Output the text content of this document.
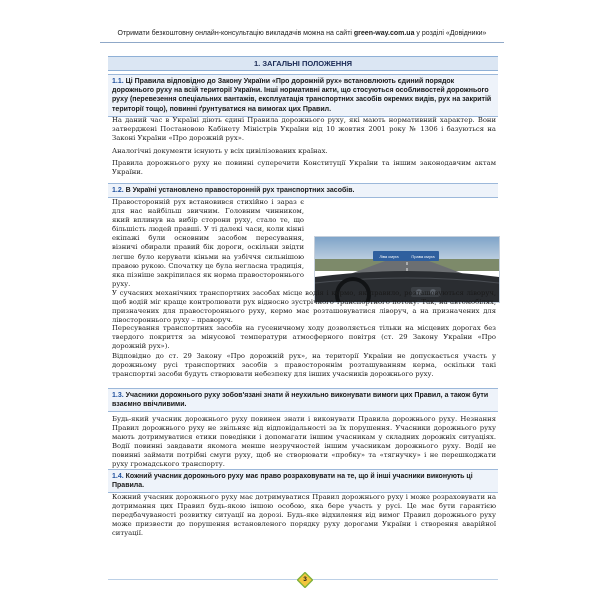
Отримати безкоштовну онлайн-консультацію викладачів можна на сайті green-way.com.ua у розділі «Довідники»
1. ЗАГАЛЬНІ ПОЛОЖЕННЯ
1.1. Ці Правила відповідно до Закону України «Про дорожній рух» встановлюють єдиний порядок дорожнього руху на всій території України. Інші нормативні акти, що стосуються особливостей дорожнього руху (перевезення спеціальних вантажів, експлуатація транспортних засобів окремих видів, рух на закритій території тощо), повинні ґрунтуватися на вимогах цих Правил.
На даний час в Україні діють єдині Правила дорожнього руху, які мають нормативний характер. Вони затверджені Постановою Кабінету Міністрів України від 10 жовтня 2001 року № 1306 і базуються на Законі України «Про дорожній рух».
Аналогічні документи існують у всіх цивілізованих країнах.
Правила дорожнього руху не повинні суперечити Конституції України та іншим законодавчим актам України.
1.2. В Україні установлено правосторонній рух транспортних засобів.
Правосторонній рух встановився стихійно і зараз є для нас найбільш звичним. Головним чинником, який вплинув на вибір сторони руху, стало те, що більшість людей правші. У ті далекі часи, коли кінні екіпажі були основним засобом пересування, візничі обирали правий бік дороги, оскільки звідти легше було керувати кіньми на узбіччя сильнішою правою рукою. Спочатку це була негласна традиція, яка пізніше закріпилася як норма правостороннього руху.
Ліва смуга	Права смуга
У сучасних механічних транспортних засобах місце водія і кермо, як правило, розташовуються ліворуч, щоб водій міг краще контролювати рух відносно зустрічного транспортного потоку. Так, на автомобілях, призначених для правостороннього руху, кермо має розташовуватися ліворуч, а на призначених для лівостороннього руху – праворуч.
Пересування транспортних засобів на гусеничному ходу дозволяється тільки на місцевих дорогах без твердого покриття за мінусової температури атмосферного повітря (ст. 29 Закону України «Про дорожній рух»).
Відповідно до ст. 29 Закону «Про дорожній рух», на території України не допускається участь у дорожньому русі транспортних засобів з правостороннім розташуванням керма, оскільки такі транспортні засоби будуть створювати небезпеку для інших учасників дорожнього руху.
1.3. Учасники дорожнього руху зобов'язані знати й неухильно виконувати вимоги цих Правил, а також бути взаємно ввічливими.
Будь-який учасник дорожнього руху повинен знати і виконувати Правила дорожнього руху. Незнання Правил дорожнього руху не звільняє від відповідальності за їх порушення. Учасники дорожнього руху мають дотримуватися етики поведінки і допомагати іншим учасникам у складних дорожніх ситуаціях. Водії повинні завдавати якомога менше незручностей іншим учасникам дорожнього руху. Водії не повинні займати потрібні смуги руху, щоб не створювати «пробку» та «тягнучку» і не перешкоджати руху громадського транспорту.
1.4. Кожний учасник дорожнього руху має право розраховувати на те, що й інші учасники виконують ці Правила.
Кожний учасник дорожнього руху має дотримуватися Правил дорожнього руху і може розраховувати на дотримання цих Правил будь-якою іншою особою, яка бере участь у русі. Це має бути гарантією передбачуваності розвитку ситуації на дорозі. Будь-яке відхилення від вимог Правил дорожнього руху може призвести до порушення встановленого порядку руху дорогами України і створення аварійної ситуації.
3
